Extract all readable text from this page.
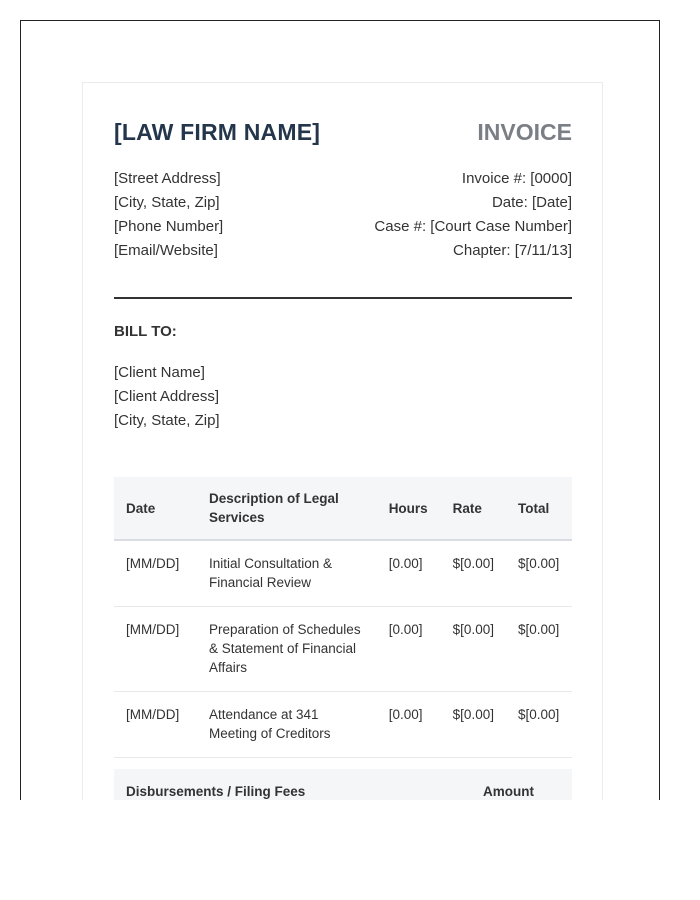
[LAW FIRM NAME]	INVOICE
[Street Address]
[City, State, Zip]
[Phone Number]
[Email/Website]
Invoice #: [0000]
Date: [Date]
Case #: [Court Case Number]
Chapter: [7/11/13]
BILL TO:
[Client Name]
[Client Address]
[City, State, Zip]
Date	Description of Legal Services	Hours	Rate	Total
[MM/DD]	Initial Consultation & Financial Review	[0.00]	$[0.00]	$[0.00]
[MM/DD]	Preparation of Schedules & Statement of Financial Affairs	[0.00]	$[0.00]	$[0.00]
[MM/DD]	Attendance at 341 Meeting of Creditors	[0.00]	$[0.00]	$[0.00]
Disbursements / Filing Fees	Amount
